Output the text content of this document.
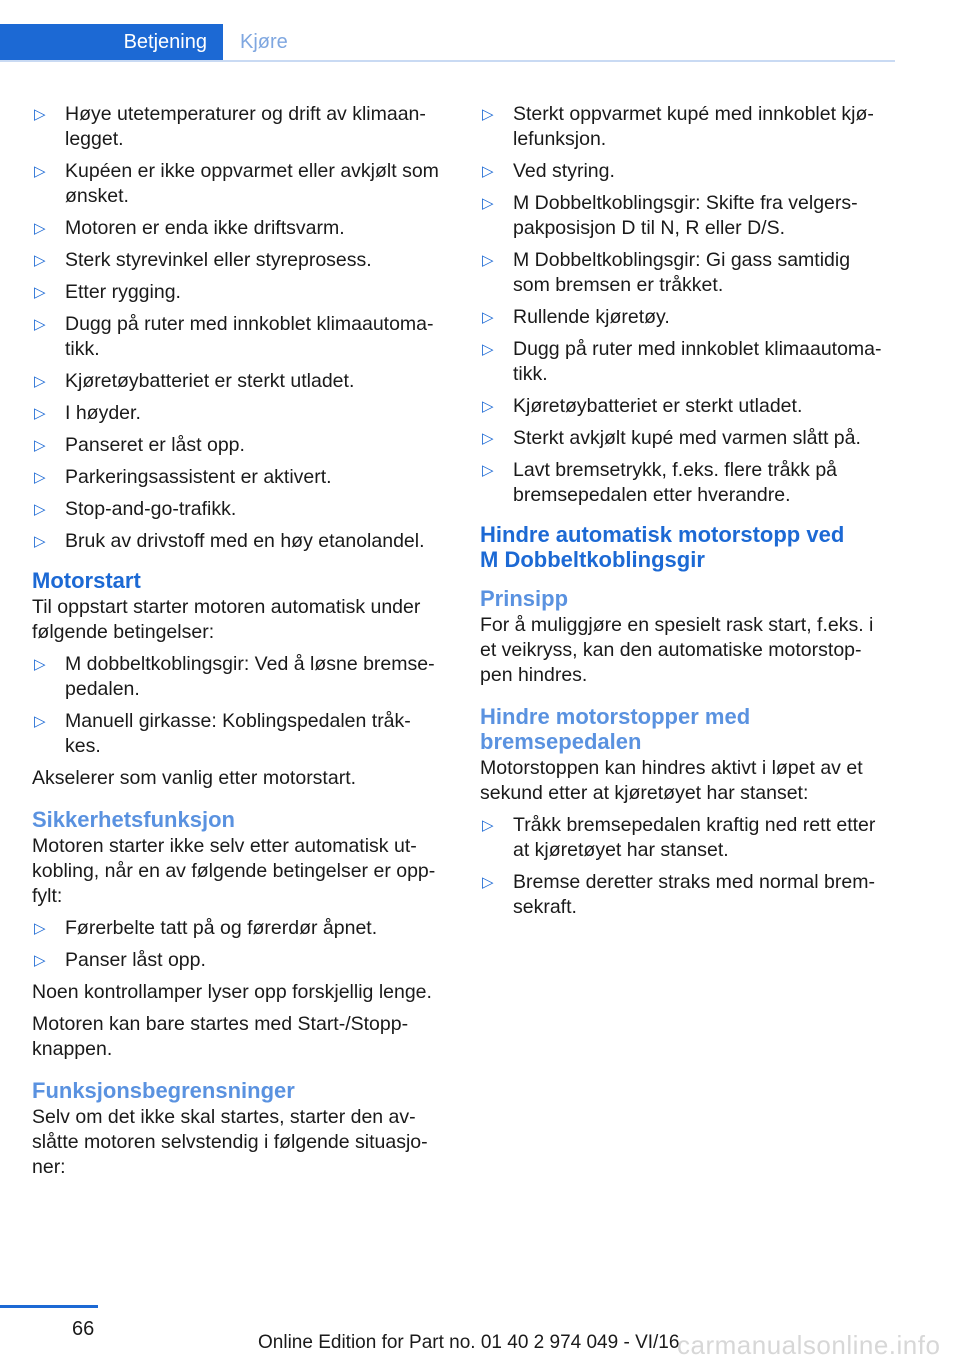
Betjening	Kjøre
▷ Høye utetemperaturer og drift av klimaan‐
legget.
▷ Kupéen er ikke oppvarmet eller avkjølt som
ønsket.
▷ Motoren er enda ikke driftsvarm.
▷ Sterk styrevinkel eller styreprosess.
▷ Etter rygging.
▷ Dugg på ruter med innkoblet klimaautoma‐
tikk.
▷ Kjøretøybatteriet er sterkt utladet.
▷ I høyder.
▷ Panseret er låst opp.
▷ Parkeringsassistent er aktivert.
▷ Stop-and-go-trafikk.
▷ Bruk av drivstoff med en høy etanolandel.
Motorstart
Til oppstart starter motoren automatisk under
følgende betingelser:
▷ M dobbeltkoblingsgir: Ved å løsne bremse‐
pedalen.
▷ Manuell girkasse: Koblingspedalen tråk‐
kes.
Akselerer som vanlig etter motorstart.
Sikkerhetsfunksjon
Motoren starter ikke selv etter automatisk ut‐
kobling, når en av følgende betingelser er opp‐
fylt:
▷ Førerbelte tatt på og førerdør åpnet.
▷ Panser låst opp.
Noen kontrollamper lyser opp forskjellig lenge.
Motoren kan bare startes med Start-/Stopp-
knappen.
Funksjonsbegrensninger
Selv om det ikke skal startes, starter den av‐
slåtte motoren selvstendig i følgende situasjo‐
ner:
▷ Sterkt oppvarmet kupé med innkoblet kjø‐
lefunksjon.
▷ Ved styring.
▷ M Dobbeltkoblingsgir: Skifte fra velgers‐
pakposisjon D til N, R eller D/S.
▷ M Dobbeltkoblingsgir: Gi gass samtidig
som bremsen er tråkket.
▷ Rullende kjøretøy.
▷ Dugg på ruter med innkoblet klimaautoma‐
tikk.
▷ Kjøretøybatteriet er sterkt utladet.
▷ Sterkt avkjølt kupé med varmen slått på.
▷ Lavt bremsetrykk, f.eks. flere tråkk på
bremsepedalen etter hverandre.
Hindre automatisk motorstopp ved
M Dobbeltkoblingsgir
Prinsipp
For å muliggjøre en spesielt rask start, f.eks. i
et veikryss, kan den automatiske motorstop‐
pen hindres.
Hindre motorstopper med
bremsepedalen
Motorstoppen kan hindres aktivt i løpet av et
sekund etter at kjøretøyet har stanset:
▷ Tråkk bremsepedalen kraftig ned rett etter
at kjøretøyet har stanset.
▷ Bremse deretter straks med normal brem‐
sekraft.
66
Online Edition for Part no. 01 40 2 974 049 - VI/16
carmanualsonline.info
